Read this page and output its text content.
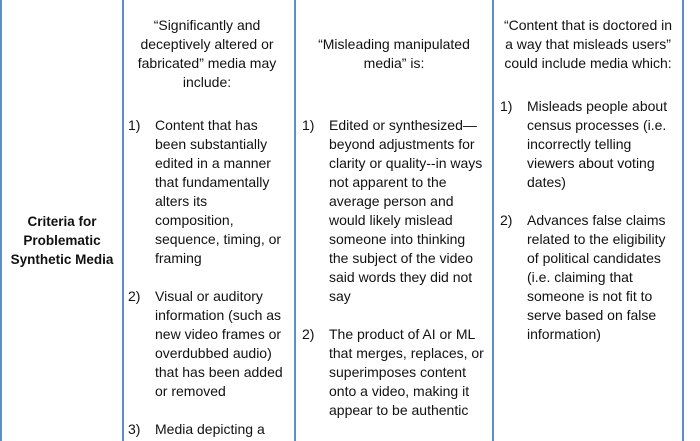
Criteria for Problematic Synthetic Media
“Significantly and deceptively altered or fabricated” media may include:
1) Content that has been substantially edited in a manner that fundamentally alters its composition, sequence, timing, or framing
2) Visual or auditory information (such as new video frames or overdubbed audio) that has been added or removed
3) Media depicting a
“Misleading manipulated media” is:
1) Edited or synthesized— beyond adjustments for clarity or quality--in ways not apparent to the average person and would likely mislead someone into thinking the subject of the video said words they did not say
2) The product of AI or ML that merges, replaces, or superimposes content onto a video, making it appear to be authentic
“Content that is doctored in a way that misleads users” could include media which:
1) Misleads people about census processes (i.e. incorrectly telling viewers about voting dates)
2) Advances false claims related to the eligibility of political candidates (i.e. claiming that someone is not fit to serve based on false information)
